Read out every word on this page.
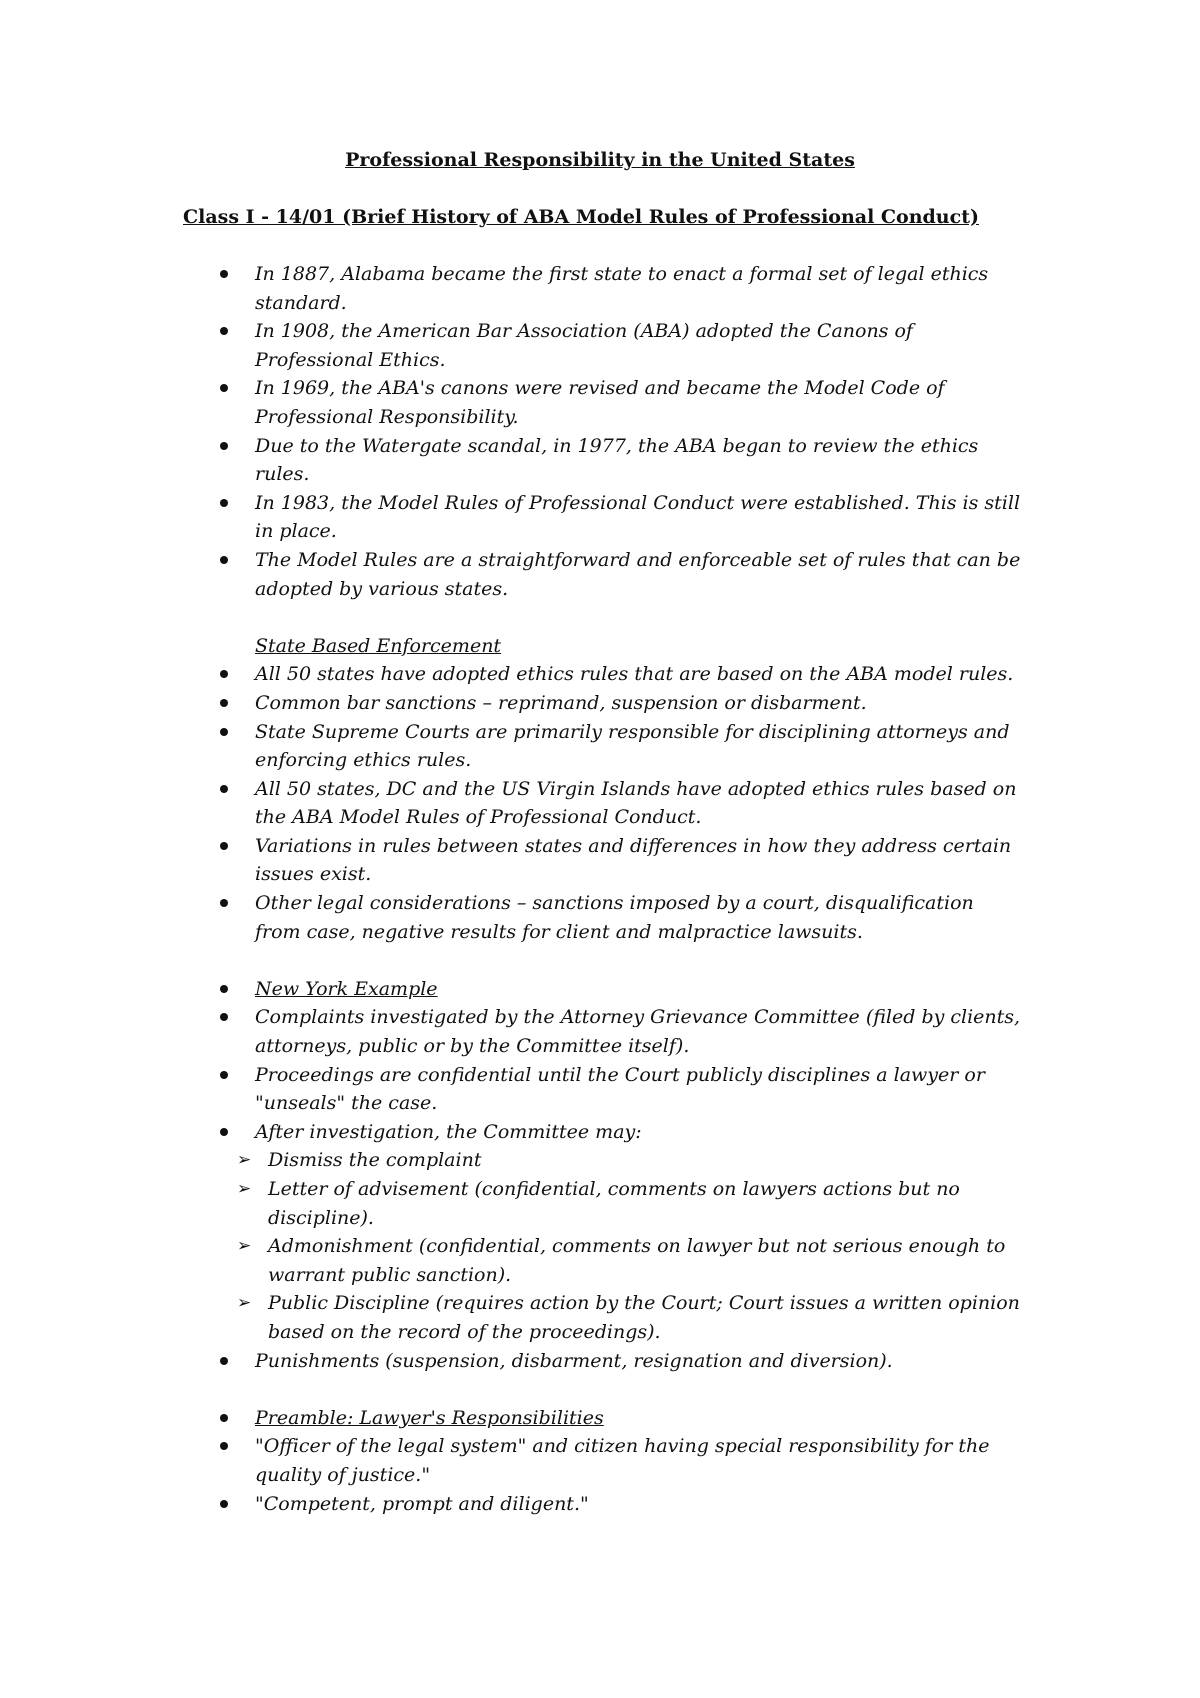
Professional Responsibility in the United States
Class I - 14/01 (Brief History of ABA Model Rules of Professional Conduct)
In 1887, Alabama became the first state to enact a formal set of legal ethics standard.
In 1908, the American Bar Association (ABA) adopted the Canons of Professional Ethics.
In 1969, the ABA's canons were revised and became the Model Code of Professional Responsibility.
Due to the Watergate scandal, in 1977, the ABA began to review the ethics rules.
In 1983, the Model Rules of Professional Conduct were established. This is still in place.
The Model Rules are a straightforward and enforceable set of rules that can be adopted by various states.
State Based Enforcement
All 50 states have adopted ethics rules that are based on the ABA model rules.
Common bar sanctions – reprimand, suspension or disbarment.
State Supreme Courts are primarily responsible for disciplining attorneys and enforcing ethics rules.
All 50 states, DC and the US Virgin Islands have adopted ethics rules based on the ABA Model Rules of Professional Conduct.
Variations in rules between states and differences in how they address certain issues exist.
Other legal considerations – sanctions imposed by a court, disqualification from case, negative results for client and malpractice lawsuits.
New York Example
Complaints investigated by the Attorney Grievance Committee (filed by clients, attorneys, public or by the Committee itself).
Proceedings are confidential until the Court publicly disciplines a lawyer or "unseals" the case.
After investigation, the Committee may:
➢ Dismiss the complaint
➢ Letter of advisement (confidential, comments on lawyers actions but no discipline).
➢ Admonishment (confidential, comments on lawyer but not serious enough to warrant public sanction).
➢ Public Discipline (requires action by the Court; Court issues a written opinion based on the record of the proceedings).
Punishments (suspension, disbarment, resignation and diversion).
Preamble: Lawyer's Responsibilities
"Officer of the legal system" and citizen having special responsibility for the quality of justice."
"Competent, prompt and diligent."
